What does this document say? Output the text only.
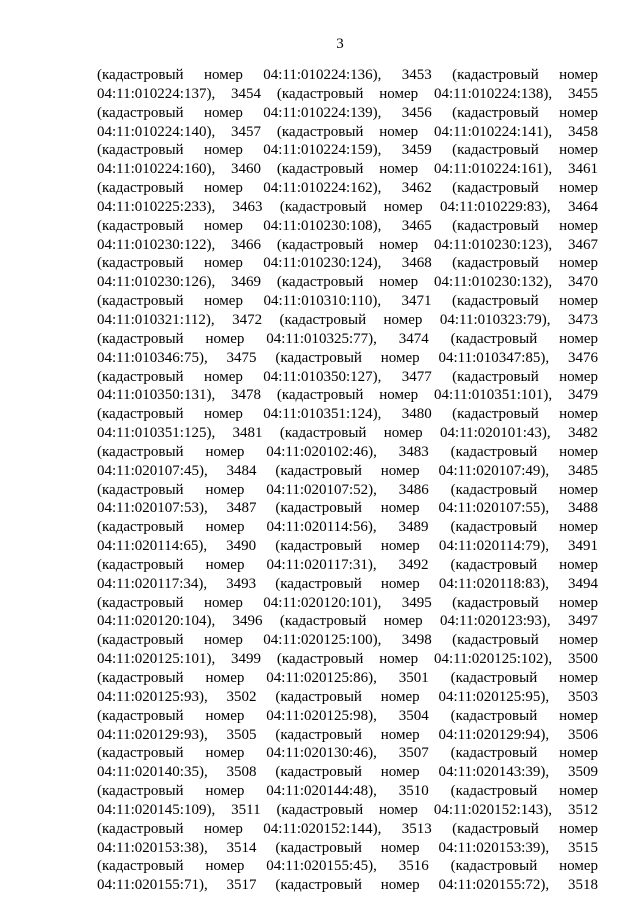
3
(кадастровый номер 04:11:010224:136), 3453 (кадастровый номер
04:11:010224:137), 3454 (кадастровый номер 04:11:010224:138), 3455
(кадастровый номер 04:11:010224:139), 3456 (кадастровый номер
04:11:010224:140), 3457 (кадастровый номер 04:11:010224:141), 3458
(кадастровый номер 04:11:010224:159), 3459 (кадастровый номер
04:11:010224:160), 3460 (кадастровый номер 04:11:010224:161), 3461
(кадастровый номер 04:11:010224:162), 3462 (кадастровый номер
04:11:010225:233), 3463 (кадастровый номер 04:11:010229:83), 3464
(кадастровый номер 04:11:010230:108), 3465 (кадастровый номер
04:11:010230:122), 3466 (кадастровый номер 04:11:010230:123), 3467
(кадастровый номер 04:11:010230:124), 3468 (кадастровый номер
04:11:010230:126), 3469 (кадастровый номер 04:11:010230:132), 3470
(кадастровый номер 04:11:010310:110), 3471 (кадастровый номер
04:11:010321:112), 3472 (кадастровый номер 04:11:010323:79), 3473
(кадастровый номер 04:11:010325:77), 3474 (кадастровый номер
04:11:010346:75), 3475 (кадастровый номер 04:11:010347:85), 3476
(кадастровый номер 04:11:010350:127), 3477 (кадастровый номер
04:11:010350:131), 3478 (кадастровый номер 04:11:010351:101), 3479
(кадастровый номер 04:11:010351:124), 3480 (кадастровый номер
04:11:010351:125), 3481 (кадастровый номер 04:11:020101:43), 3482
(кадастровый номер 04:11:020102:46), 3483 (кадастровый номер
04:11:020107:45), 3484 (кадастровый номер 04:11:020107:49), 3485
(кадастровый номер 04:11:020107:52), 3486 (кадастровый номер
04:11:020107:53), 3487 (кадастровый номер 04:11:020107:55), 3488
(кадастровый номер 04:11:020114:56), 3489 (кадастровый номер
04:11:020114:65), 3490 (кадастровый номер 04:11:020114:79), 3491
(кадастровый номер 04:11:020117:31), 3492 (кадастровый номер
04:11:020117:34), 3493 (кадастровый номер 04:11:020118:83), 3494
(кадастровый номер 04:11:020120:101), 3495 (кадастровый номер
04:11:020120:104), 3496 (кадастровый номер 04:11:020123:93), 3497
(кадастровый номер 04:11:020125:100), 3498 (кадастровый номер
04:11:020125:101), 3499 (кадастровый номер 04:11:020125:102), 3500
(кадастровый номер 04:11:020125:86), 3501 (кадастровый номер
04:11:020125:93), 3502 (кадастровый номер 04:11:020125:95), 3503
(кадастровый номер 04:11:020125:98), 3504 (кадастровый номер
04:11:020129:93), 3505 (кадастровый номер 04:11:020129:94), 3506
(кадастровый номер 04:11:020130:46), 3507 (кадастровый номер
04:11:020140:35), 3508 (кадастровый номер 04:11:020143:39), 3509
(кадастровый номер 04:11:020144:48), 3510 (кадастровый номер
04:11:020145:109), 3511 (кадастровый номер 04:11:020152:143), 3512
(кадастровый номер 04:11:020152:144), 3513 (кадастровый номер
04:11:020153:38), 3514 (кадастровый номер 04:11:020153:39), 3515
(кадастровый номер 04:11:020155:45), 3516 (кадастровый номер
04:11:020155:71), 3517 (кадастровый номер 04:11:020155:72), 3518
